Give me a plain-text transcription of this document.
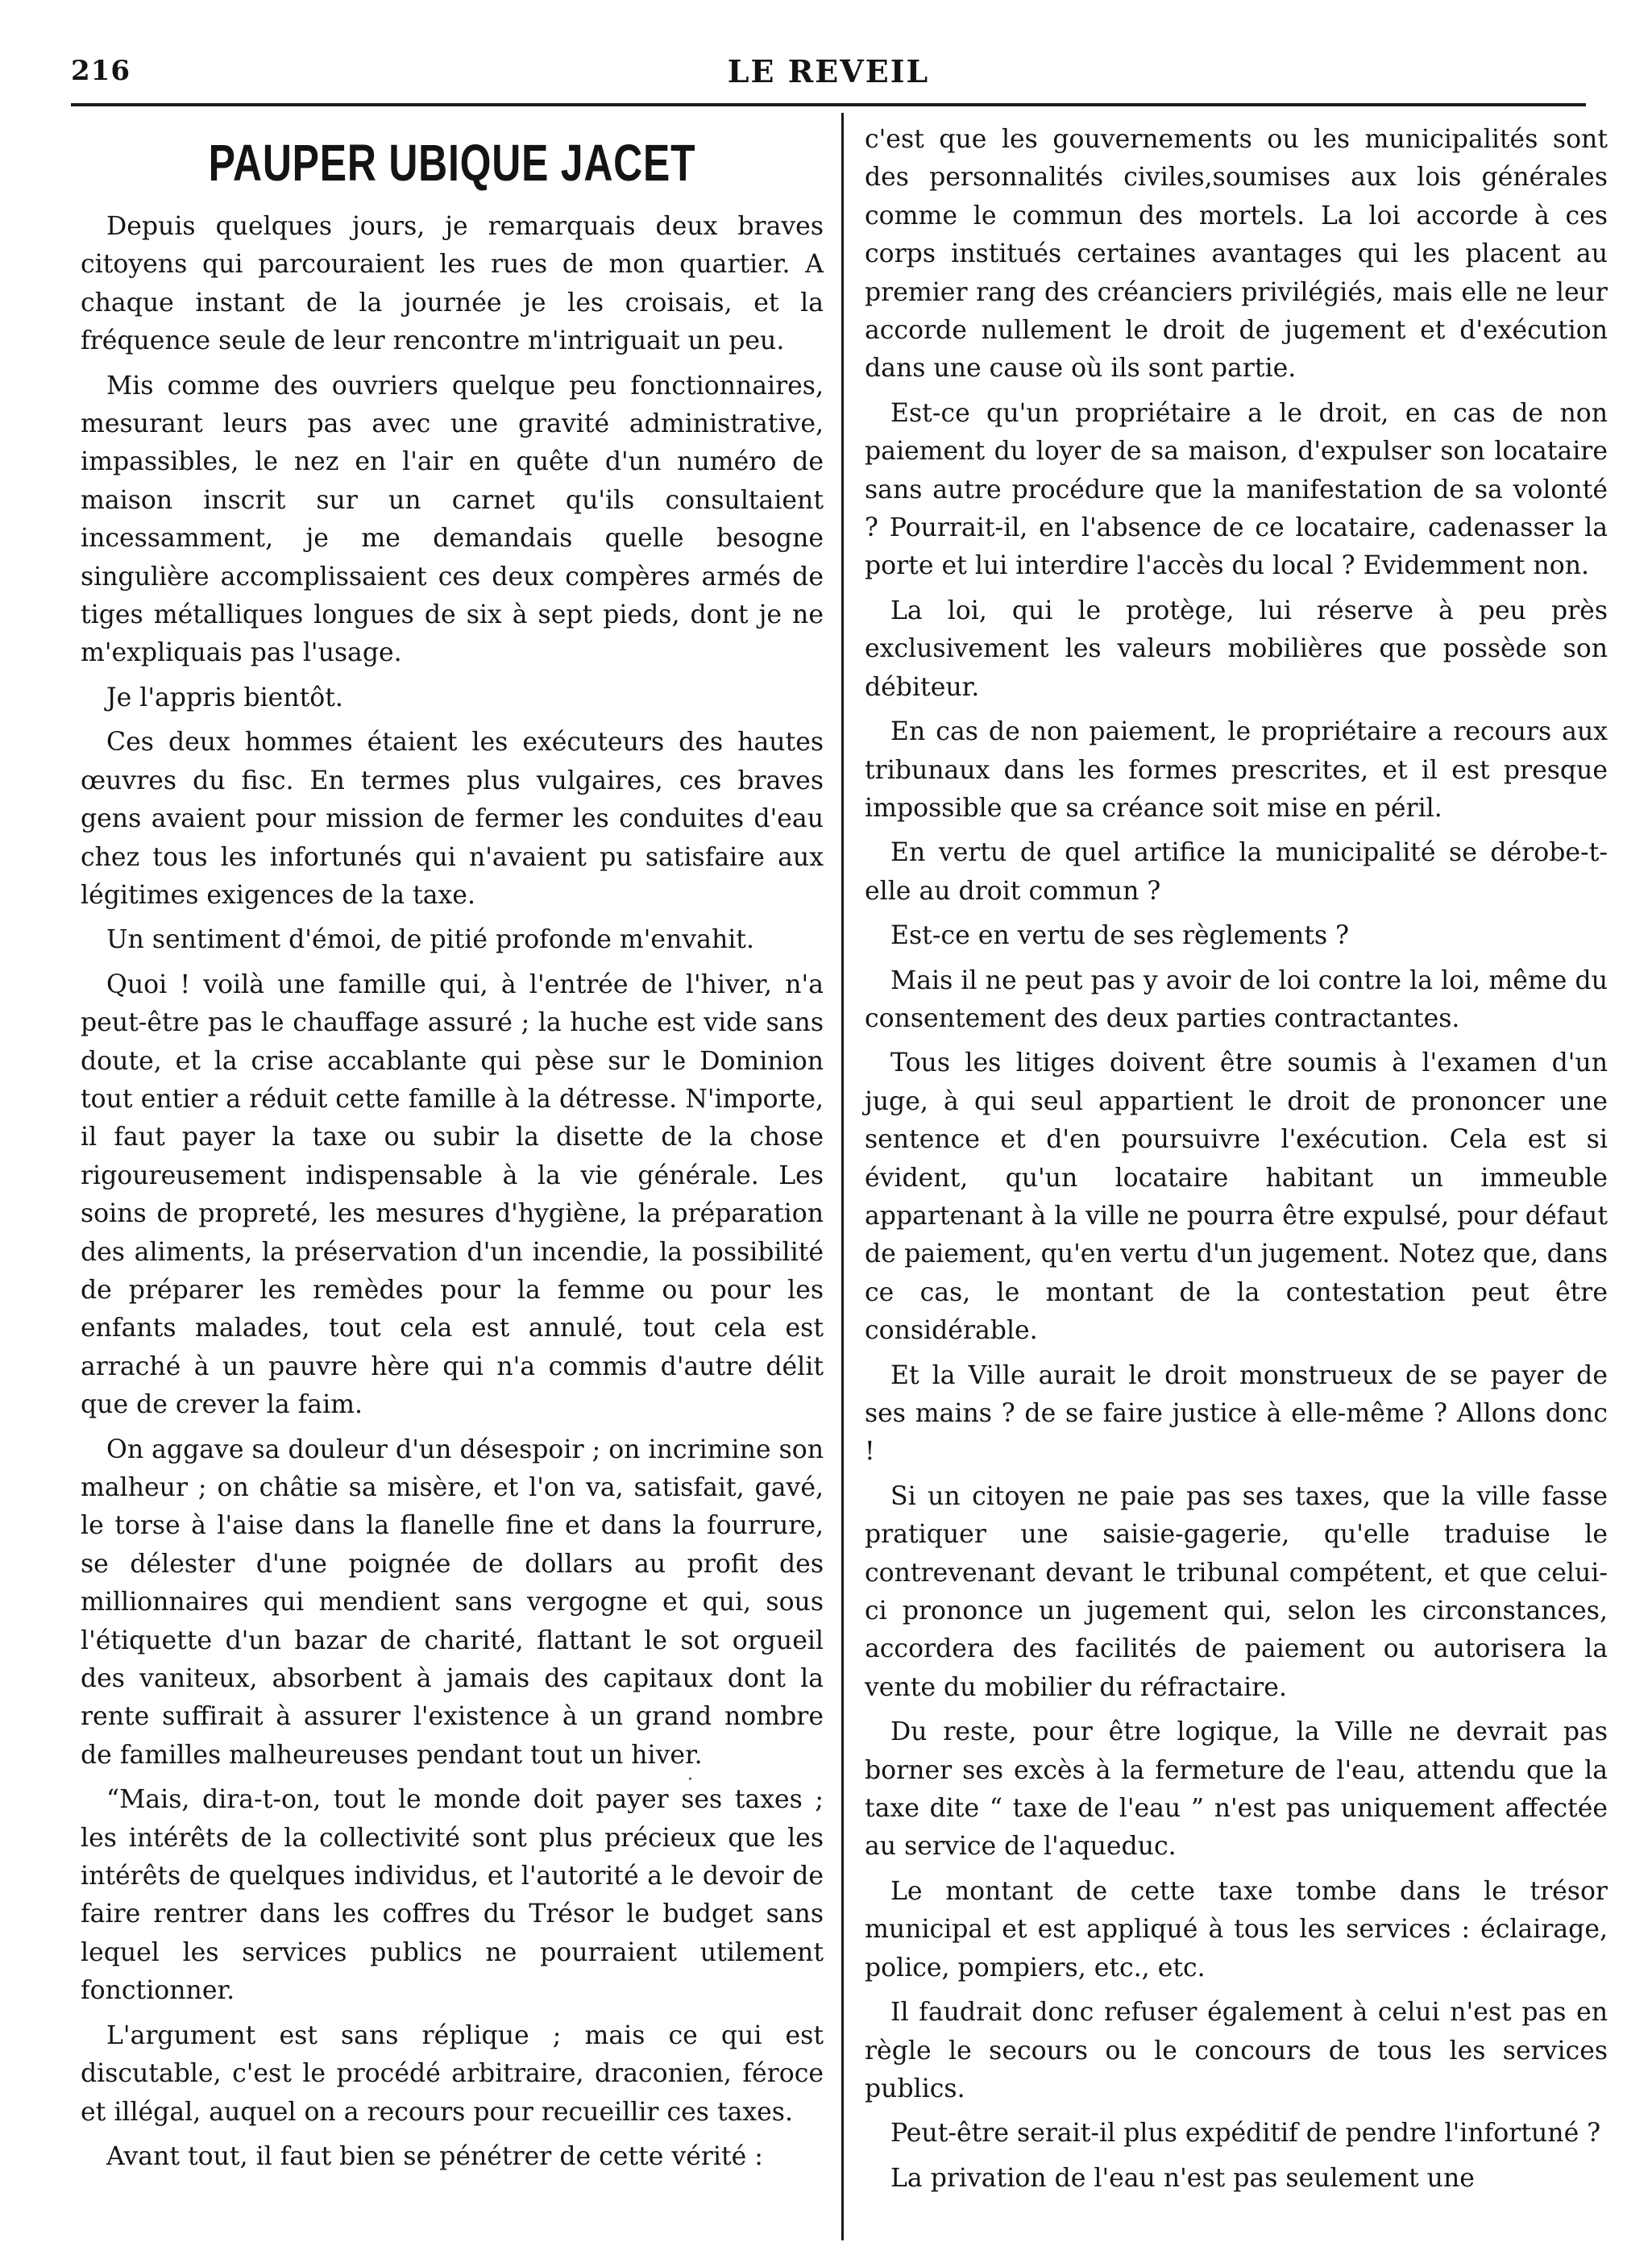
216	LE REVEIL
PAUPER UBIQUE JACET

Depuis quelques jours, je remarquais deux braves citoyens qui parcouraient les rues de mon quartier. A chaque instant de la journée je les croisais, et la fréquence seule de leur rencontre m'intriguait un peu.

Mis comme des ouvriers quelque peu fonctionnaires, mesurant leurs pas avec une gravité administrative, impassibles, le nez en l'air en quête d'un numéro de maison inscrit sur un carnet qu'ils consultaient incessamment, je me demandais quelle besogne singulière accomplissaient ces deux compères armés de tiges métalliques longues de six à sept pieds, dont je ne m'expliquais pas l'usage.

Je l'appris bientôt.

Ces deux hommes étaient les exécuteurs des hautes œuvres du fisc. En termes plus vulgaires, ces braves gens avaient pour mission de fermer les conduites d'eau chez tous les infortunés qui n'avaient pu satisfaire aux légitimes exigences de la taxe.

Un sentiment d'émoi, de pitié profonde m'envahit.

Quoi ! voilà une famille qui, à l'entrée de l'hiver, n'a peut-être pas le chauffage assuré ; la huche est vide sans doute, et la crise accablante qui pèse sur le Dominion tout entier a réduit cette famille à la détresse. N'importe, il faut payer la taxe ou subir la disette de la chose rigoureusement indispensable à la vie générale. Les soins de propreté, les mesures d'hygiène, la préparation des aliments, la préservation d'un incendie, la possibilité de préparer les remèdes pour la femme ou pour les enfants malades, tout cela est annulé, tout cela est arraché à un pauvre hère qui n'a commis d'autre délit que de crever la faim.

On aggave sa douleur d'un désespoir ; on incrimine son malheur ; on châtie sa misère, et l'on va, satisfait, gavé, le torse à l'aise dans la flanelle fine et dans la fourrure, se délester d'une poignée de dollars au profit des millionnaires qui mendient sans vergogne et qui, sous l'étiquette d'un bazar de charité, flattant le sot orgueil des vaniteux, absorbent à jamais des capitaux dont la rente suffirait à assurer l'existence à un grand nombre de familles malheureuses pendant tout un hiver.

“Mais, dira-t-on, tout le monde doit payer ses taxes ; les intérêts de la collectivité sont plus précieux que les intérêts de quelques individus, et l'autorité a le devoir de faire rentrer dans les coffres du Trésor le budget sans lequel les services publics ne pourraient utilement fonctionner.

L'argument est sans réplique ; mais ce qui est discutable, c'est le procédé arbitraire, draconien, féroce et illégal, auquel on a recours pour recueillir ces taxes.

Avant tout, il faut bien se pénétrer de cette vérité :

·

c'est que les gouvernements ou les municipalités sont des personnalités civiles,soumises aux lois générales comme le commun des mortels. La loi accorde à ces corps institués certaines avantages qui les placent au premier rang des créanciers privilégiés, mais elle ne leur accorde nullement le droit de jugement et d'exécution dans une cause où ils sont partie.

Est-ce qu'un propriétaire a le droit, en cas de non paiement du loyer de sa maison, d'expulser son locataire sans autre procédure que la manifestation de sa volonté ? Pourrait-il, en l'absence de ce locataire, cadenasser la porte et lui interdire l'accès du local ? Evidemment non.

La loi, qui le protège, lui réserve à peu près exclusivement les valeurs mobilières que possède son débiteur.

En cas de non paiement, le propriétaire a recours aux tribunaux dans les formes prescrites, et il est presque impossible que sa créance soit mise en péril.

En vertu de quel artifice la municipalité se dérobe-t-elle au droit commun ?

Est-ce en vertu de ses règlements ?

Mais il ne peut pas y avoir de loi contre la loi, même du consentement des deux parties contractantes.

Tous les litiges doivent être soumis à l'examen d'un juge, à qui seul appartient le droit de prononcer une sentence et d'en poursuivre l'exécution. Cela est si évident, qu'un locataire habitant un immeuble appartenant à la ville ne pourra être expulsé, pour défaut de paiement, qu'en vertu d'un jugement. Notez que, dans ce cas, le montant de la contestation peut être considérable.

Et la Ville aurait le droit monstrueux de se payer de ses mains ? de se faire justice à elle-même ? Allons donc !

Si un citoyen ne paie pas ses taxes, que la ville fasse pratiquer une saisie-gagerie, qu'elle traduise le contrevenant devant le tribunal compétent, et que celui-ci prononce un jugement qui, selon les circonstances, accordera des facilités de paiement ou autorisera la vente du mobilier du réfractaire.

Du reste, pour être logique, la Ville ne devrait pas borner ses excès à la fermeture de l'eau, attendu que la taxe dite “ taxe de l'eau ” n'est pas uniquement affectée au service de l'aqueduc.

Le montant de cette taxe tombe dans le trésor municipal et est appliqué à tous les services : éclairage, police, pompiers, etc., etc.

Il faudrait donc refuser également à celui n'est pas en règle le secours ou le concours de tous les services publics.

Peut-être serait-il plus expéditif de pendre l'infortuné ?

La privation de l'eau n'est pas seulement une
